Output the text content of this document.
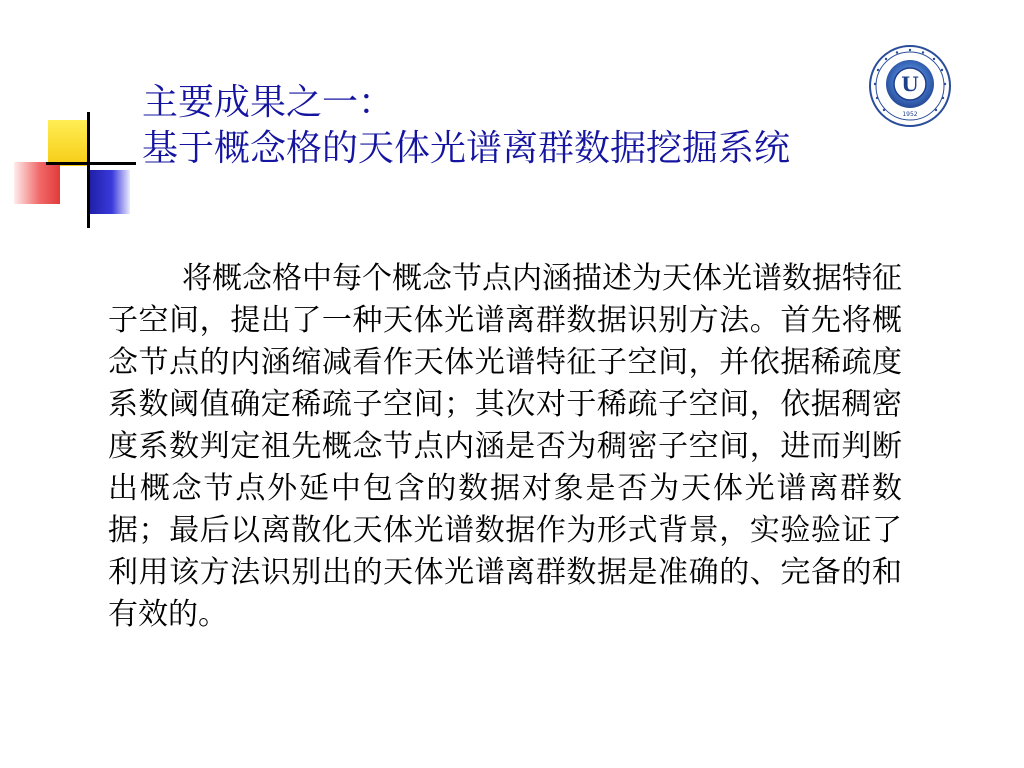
主要成果之一：
基于概念格的天体光谱离群数据挖掘系统
U
1952
将概念格中每个概念节点内涵描述为天体光谱数据特征子空间，提出了一种天体光谱离群数据识别方法。首先将概念节点的内涵缩减看作天体光谱特征子空间，并依据稀疏度系数阈值确定稀疏子空间；其次对于稀疏子空间，依据稠密度系数判定祖先概念节点内涵是否为稠密子空间，进而判断出概念节点外延中包含的数据对象是否为天体光谱离群数据；最后以离散化天体光谱数据作为形式背景，实验验证了利用该方法识别出的天体光谱离群数据是准确的、完备的和有效的。
